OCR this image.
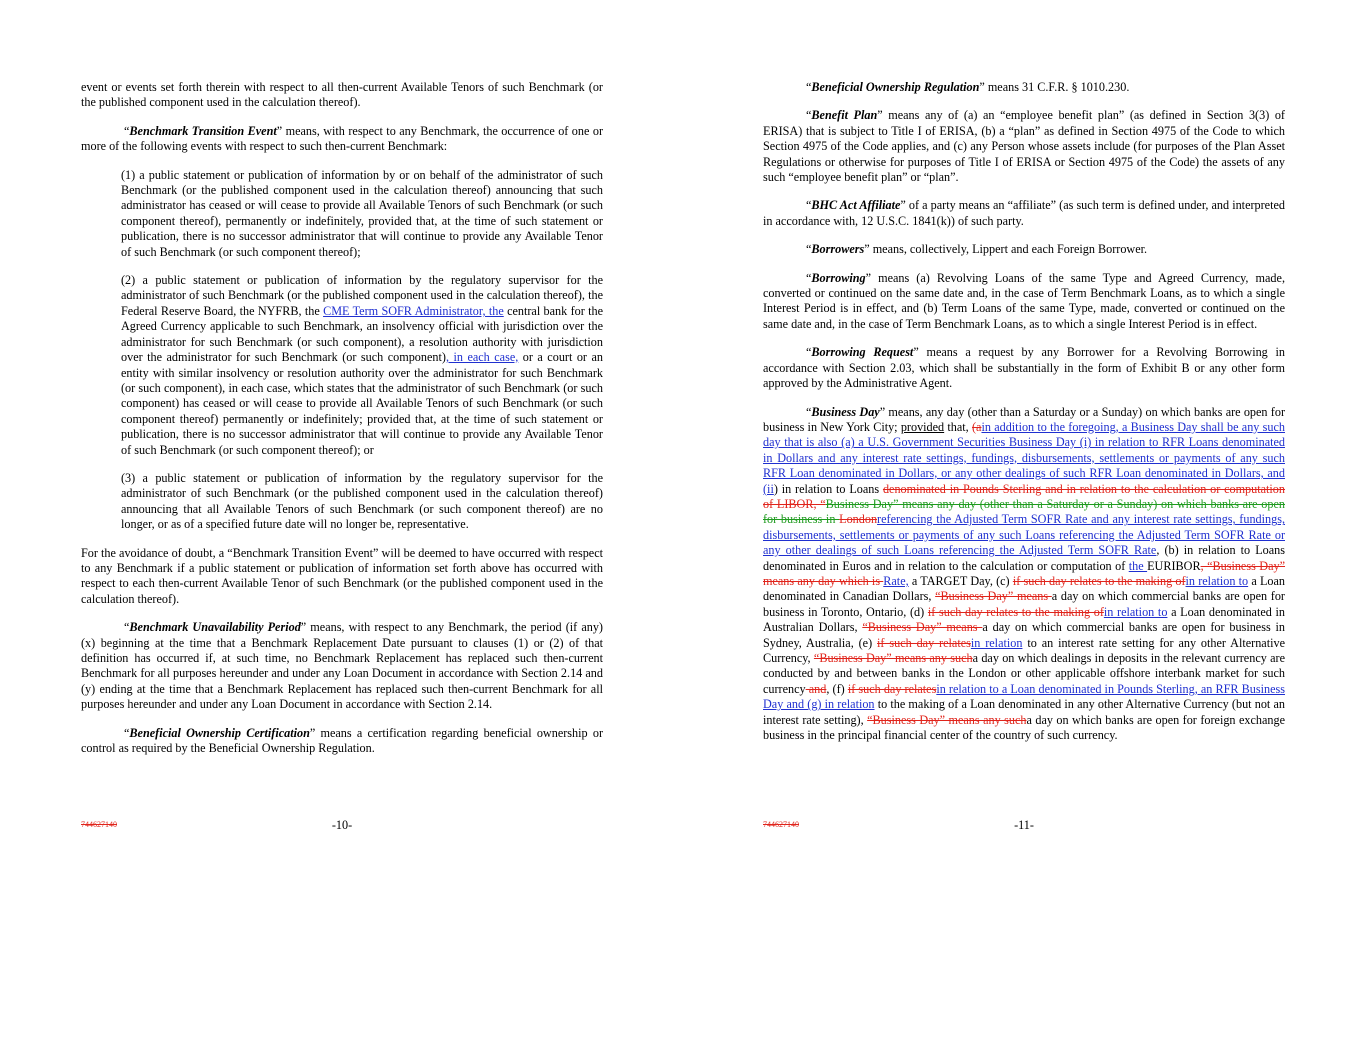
event or events set forth therein with respect to all then-current Available Tenors of such Benchmark (or the published component used in the calculation thereof).

“Benchmark Transition Event” means, with respect to any Benchmark, the occurrence of one or more of the following events with respect to such then-current Benchmark:

(1) a public statement or publication of information by or on behalf of the administrator of such Benchmark (or the published component used in the calculation thereof) announcing that such administrator has ceased or will cease to provide all Available Tenors of such Benchmark (or such component thereof), permanently or indefinitely, provided that, at the time of such statement or publication, there is no successor administrator that will continue to provide any Available Tenor of such Benchmark (or such component thereof);

(2) a public statement or publication of information by the regulatory supervisor for the administrator of such Benchmark (or the published component used in the calculation thereof), the Federal Reserve Board, the NYFRB, the CME Term SOFR Administrator, the central bank for the Agreed Currency applicable to such Benchmark, an insolvency official with jurisdiction over the administrator for such Benchmark (or such component), a resolution authority with jurisdiction over the administrator for such Benchmark (or such component), in each case, or a court or an entity with similar insolvency or resolution authority over the administrator for such Benchmark (or such component), in each case, which states that the administrator of such Benchmark (or such component) has ceased or will cease to provide all Available Tenors of such Benchmark (or such component thereof) permanently or indefinitely; provided that, at the time of such statement or publication, there is no successor administrator that will continue to provide any Available Tenor of such Benchmark (or such component thereof); or

(3) a public statement or publication of information by the regulatory supervisor for the administrator of such Benchmark (or the published component used in the calculation thereof) announcing that all Available Tenors of such Benchmark (or such component thereof) are no longer, or as of a specified future date will no longer be, representative.

For the avoidance of doubt, a “Benchmark Transition Event” will be deemed to have occurred with respect to any Benchmark if a public statement or publication of information set forth above has occurred with respect to each then-current Available Tenor of such Benchmark (or the published component used in the calculation thereof).

“Benchmark Unavailability Period” means, with respect to any Benchmark, the period (if any) (x) beginning at the time that a Benchmark Replacement Date pursuant to clauses (1) or (2) of that definition has occurred if, at such time, no Benchmark Replacement has replaced such then-current Benchmark for all purposes hereunder and under any Loan Document in accordance with Section 2.14 and (y) ending at the time that a Benchmark Replacement has replaced such then-current Benchmark for all purposes hereunder and under any Loan Document in accordance with Section 2.14.

“Beneficial Ownership Certification” means a certification regarding beneficial ownership or control as required by the Beneficial Ownership Regulation.

744627140	-10-

“Beneficial Ownership Regulation” means 31 C.F.R. § 1010.230.

“Benefit Plan” means any of (a) an “employee benefit plan” (as defined in Section 3(3) of ERISA) that is subject to Title I of ERISA, (b) a “plan” as defined in Section 4975 of the Code to which Section 4975 of the Code applies, and (c) any Person whose assets include (for purposes of the Plan Asset Regulations or otherwise for purposes of Title I of ERISA or Section 4975 of the Code) the assets of any such “employee benefit plan” or “plan”.

“BHC Act Affiliate” of a party means an “affiliate” (as such term is defined under, and interpreted in accordance with, 12 U.S.C. 1841(k)) of such party.

“Borrowers” means, collectively, Lippert and each Foreign Borrower.

“Borrowing” means (a) Revolving Loans of the same Type and Agreed Currency, made, converted or continued on the same date and, in the case of Term Benchmark Loans, as to which a single Interest Period is in effect, and (b) Term Loans of the same Type, made, converted or continued on the same date and, in the case of Term Benchmark Loans, as to which a single Interest Period is in effect.

“Borrowing Request” means a request by any Borrower for a Revolving Borrowing in accordance with Section 2.03, which shall be substantially in the form of Exhibit B or any other form approved by the Administrative Agent.

“Business Day” means, any day (other than a Saturday or a Sunday) on which banks are open for business in New York City; provided that, (ain addition to the foregoing, a Business Day shall be any such day that is also (a) a U.S. Government Securities Business Day (i) in relation to RFR Loans denominated in Dollars and any interest rate settings, fundings, disbursements, settlements or payments of any such RFR Loan denominated in Dollars, or any other dealings of such RFR Loan denominated in Dollars, and (ii) in relation to Loans denominated in Pounds Sterling and in relation to the calculation or computation of LIBOR, “Business Day” means any day (other than a Saturday or a Sunday) on which banks are open for business in Londonreferencing the Adjusted Term SOFR Rate and any interest rate settings, fundings, disbursements, settlements or payments of any such Loans referencing the Adjusted Term SOFR Rate or any other dealings of such Loans referencing the Adjusted Term SOFR Rate, (b) in relation to Loans denominated in Euros and in relation to the calculation or computation of the EURIBOR, “Business Day” means any day which is Rate, a TARGET Day, (c) if such day relates to the making ofin relation to a Loan denominated in Canadian Dollars, “Business Day” means a day on which commercial banks are open for business in Toronto, Ontario, (d) if such day relates to the making ofin relation to a Loan denominated in Australian Dollars, “Business Day” means a day on which commercial banks are open for business in Sydney, Australia, (e) if such day relatesin relation to an interest rate setting for any other Alternative Currency, “Business Day” means any sucha day on which dealings in deposits in the relevant currency are conducted by and between banks in the London or other applicable offshore interbank market for such currency and, (f) if such day relatesin relation to a Loan denominated in Pounds Sterling, an RFR Business Day and (g) in relation to the making of a Loan denominated in any other Alternative Currency (but not an interest rate setting), “Business Day” means any sucha day on which banks are open for foreign exchange business in the principal financial center of the country of such currency.

744627140	-11-
